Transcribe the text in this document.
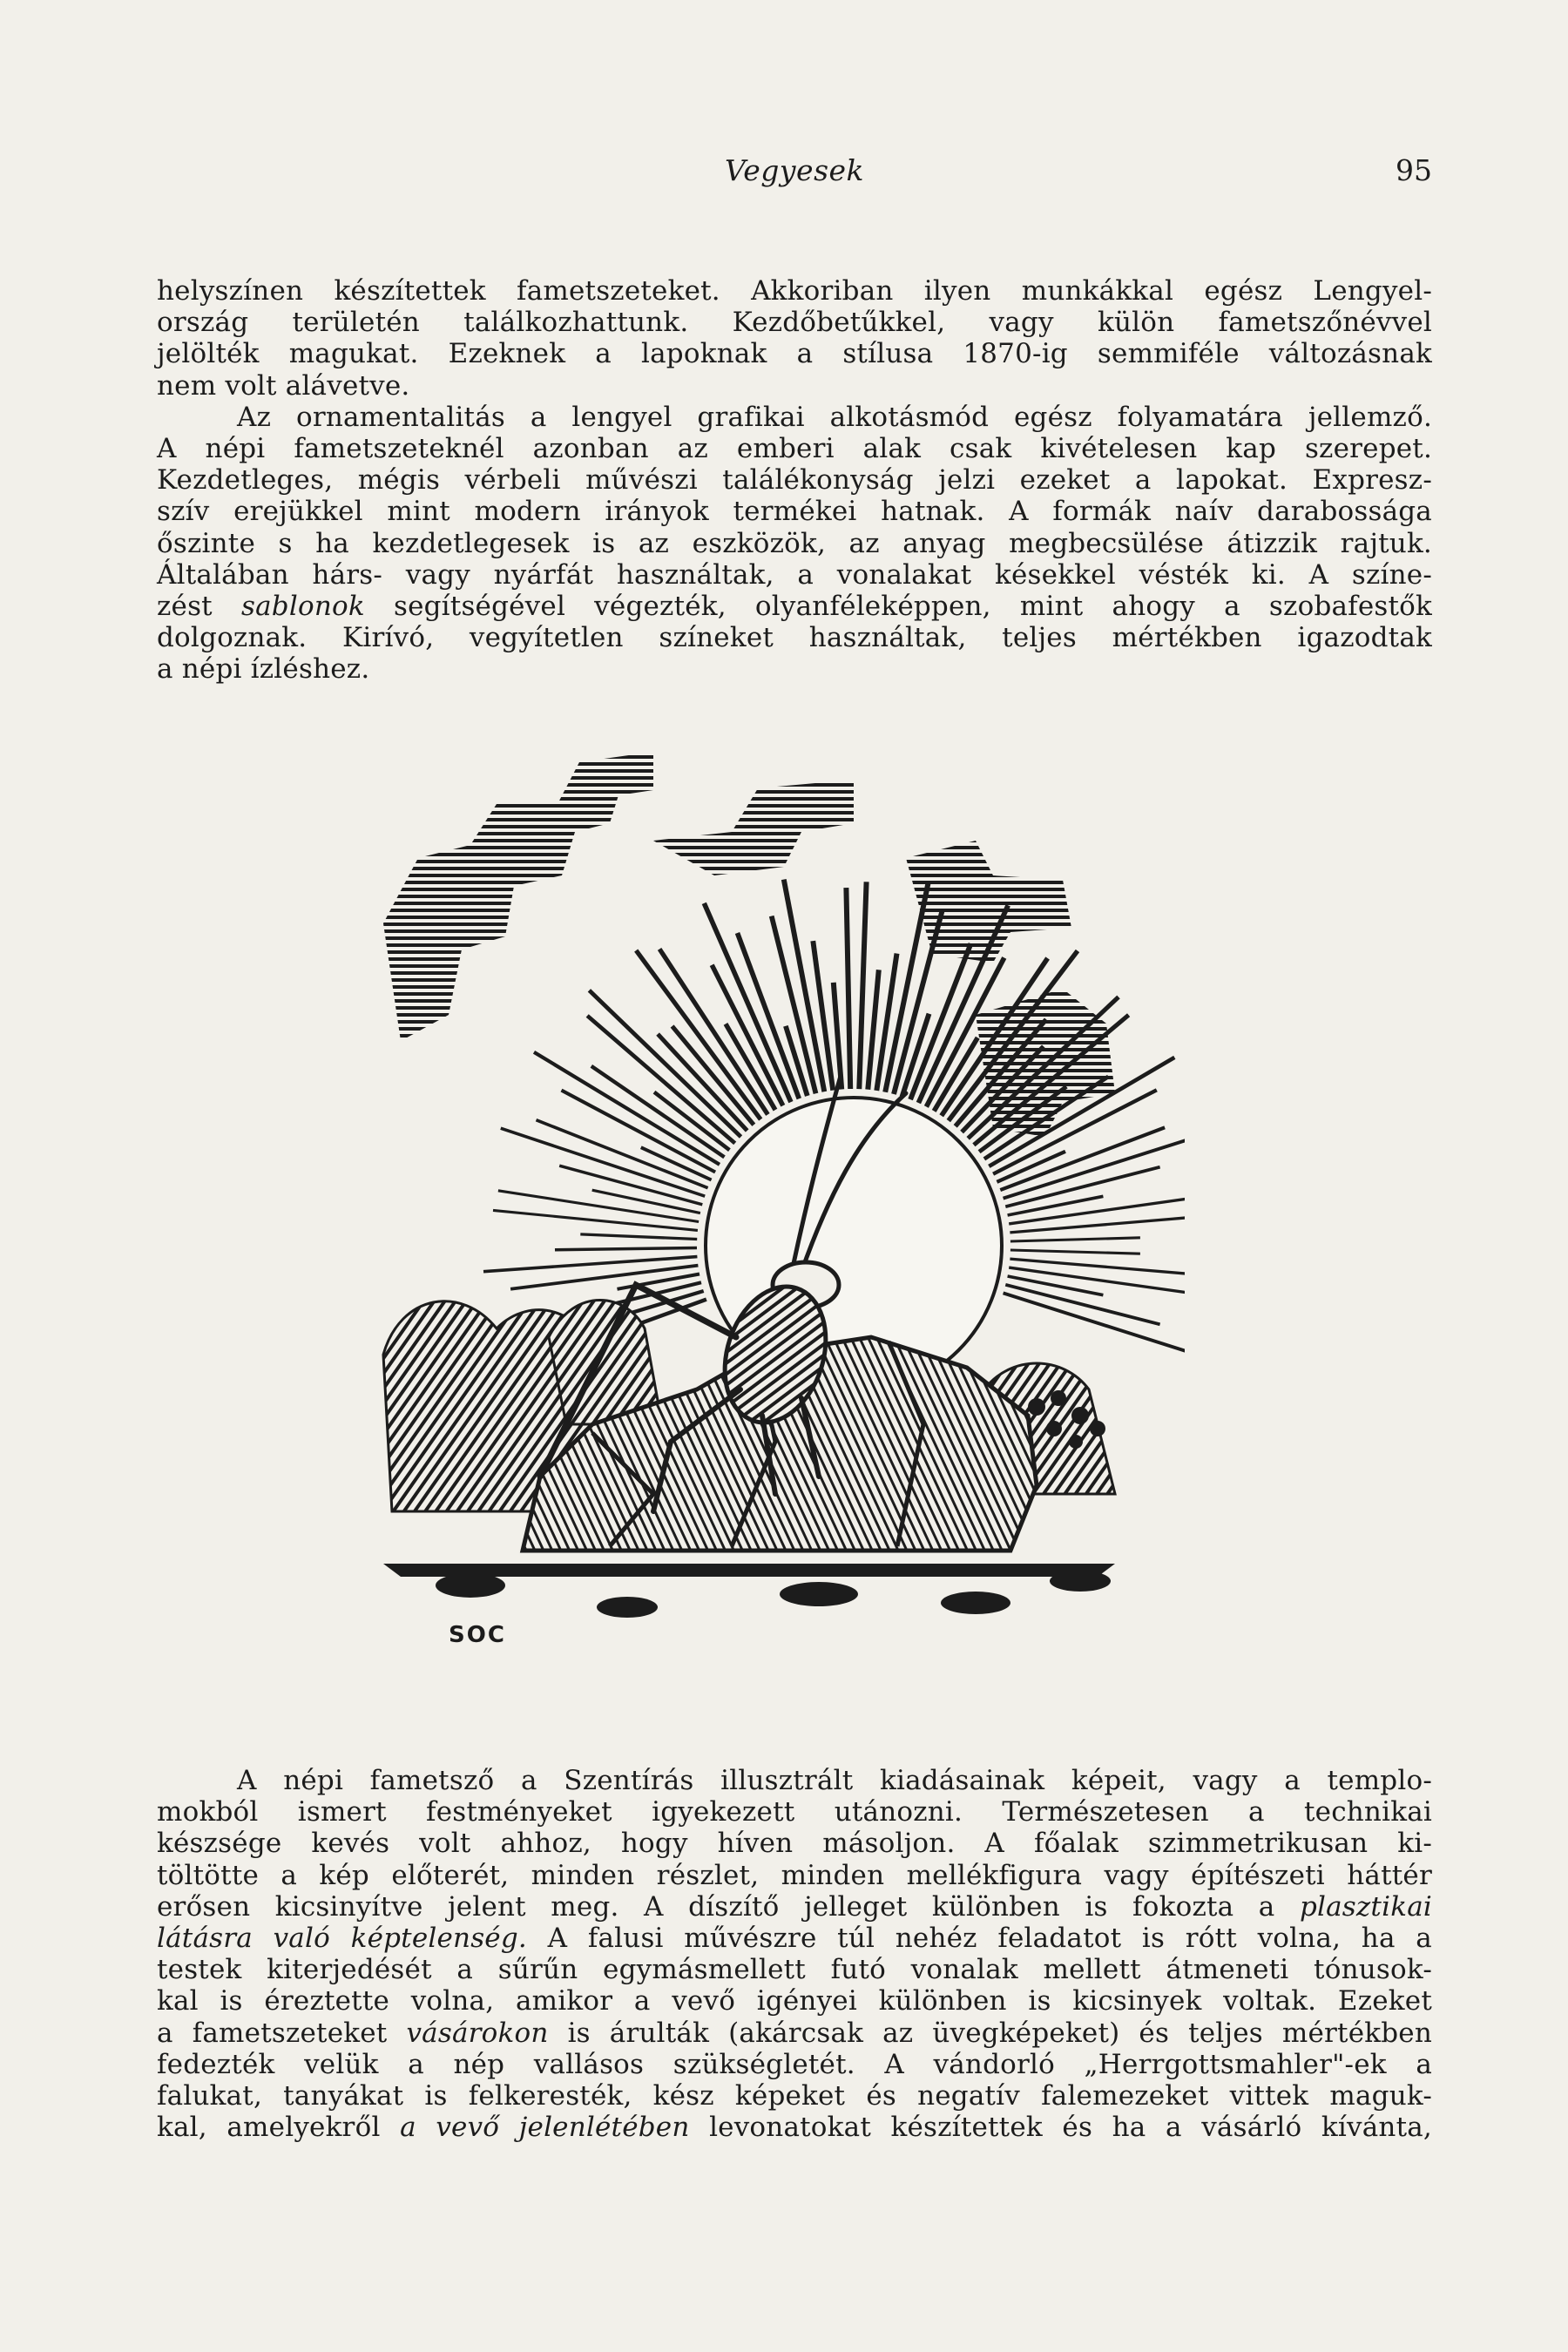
Vegyesek	95
helyszínen készítettek fametszeteket. Akkoriban ilyen munkákkal egész Lengyel-
ország területén találkozhattunk. Kezdőbetűkkel, vagy külön fametszőnévvel
jelölték magukat. Ezeknek a lapoknak a stílusa 1870-ig semmiféle változásnak
nem volt alávetve.
Az ornamentalitás a lengyel grafikai alkotásmód egész folyamatára jellemző.
A népi fametszeteknél azonban az emberi alak csak kivételesen kap szerepet.
Kezdetleges, mégis vérbeli művészi találékonyság jelzi ezeket a lapokat. Expresz-
szív erejükkel mint modern irányok termékei hatnak. A formák naív darabossága
őszinte s ha kezdetlegesek is az eszközök, az anyag megbecsülése átizzik rajtuk.
Általában hárs- vagy nyárfát használtak, a vonalakat késekkel vésték ki. A színe-
zést sablonok segítségével végezték, olyanféleképpen, mint ahogy a szobafestők
dolgoznak. Kirívó, vegyítetlen színeket használtak, teljes mértékben igazodtak
a népi ízléshez.
SOC
A népi fametsző a Szentírás illusztrált kiadásainak képeit, vagy a templo-
mokból ismert festményeket igyekezett utánozni. Természetesen a technikai
készsége kevés volt ahhoz, hogy híven másoljon. A főalak szimmetrikusan ki-
töltötte a kép előterét, minden részlet, minden mellékfigura vagy építészeti háttér
erősen kicsinyítve jelent meg. A díszítő jelleget különben is fokozta a plasztikai
látásra való képtelenség. A falusi művészre túl nehéz feladatot is rótt volna, ha a
testek kiterjedését a sűrűn egymásmellett futó vonalak mellett átmeneti tónusok-
kal is éreztette volna, amikor a vevő igényei különben is kicsinyek voltak. Ezeket
a fametszeteket vásárokon is árulták (akárcsak az üvegképeket) és teljes mértékben
fedezték velük a nép vallásos szükségletét. A vándorló „Herrgottsmahler"-ek a
falukat, tanyákat is felkeresték, kész képeket és negatív falemezeket vittek maguk-
kal, amelyekről a vevő jelenlétében levonatokat készítettek és ha a vásárló kívánta,
